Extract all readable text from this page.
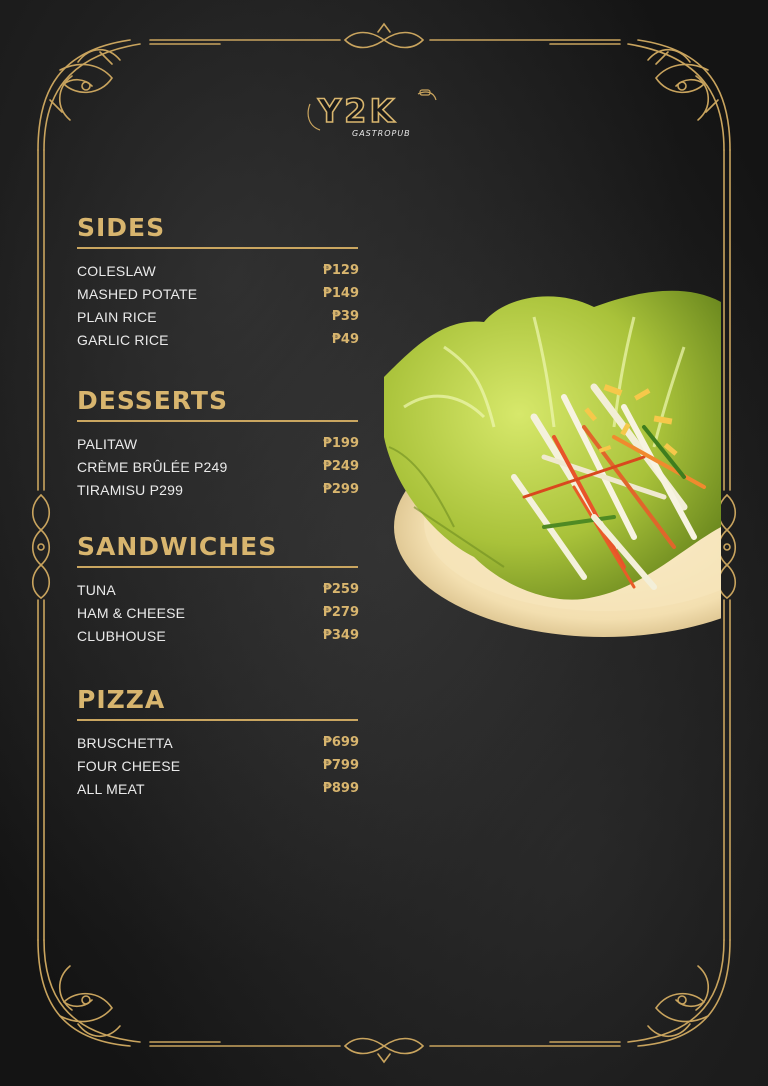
Y2K
GASTROPUB
SIDES
COLESLAW	₱129
MASHED POTATE	₱149
PLAIN RICE	₱39
GARLIC RICE	₱49
DESSERTS
PALITAW	₱199
CRÈME BRÛLÉE P249	₱249
TIRAMISU P299	₱299
SANDWICHES
TUNA	₱259
HAM & CHEESE	₱279
CLUBHOUSE	₱349
PIZZA
BRUSCHETTA	₱699
FOUR CHEESE	₱799
ALL MEAT	₱899
